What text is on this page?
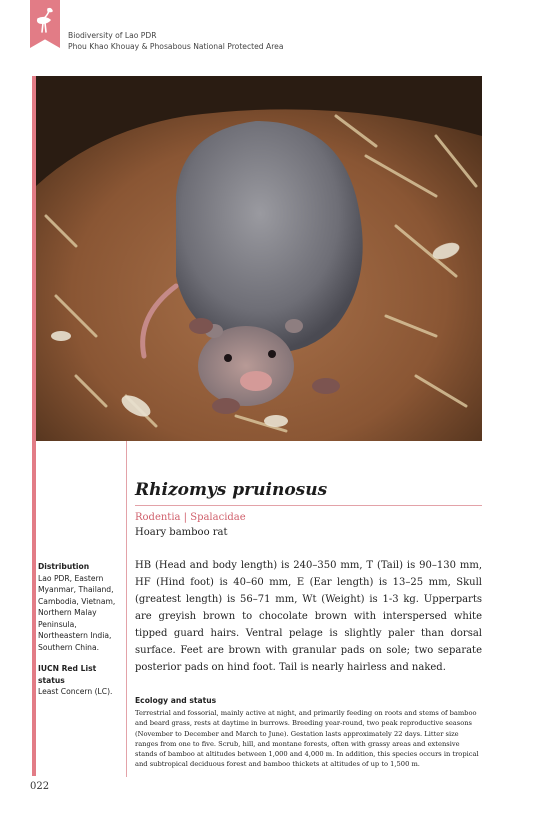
Biodiversity of Lao PDR
Phou Khao Khouay & Phosabous National Protected Area
Rhizomys pruinosus
Rodentia | Spalacidae
Hoary bamboo rat
Distribution
Lao PDR, Eastern Myanmar, Thailand, Cambodia, Vietnam, Northern Malay Peninsula, Northeastern India, Southern China.
IUCN Red List status
Least Concern (LC).
HB (Head and body length) is 240–350 mm, T (Tail) is 90–130 mm, HF (Hind foot) is 40–60 mm, E (Ear length) is 13–25 mm, Skull (greatest length) is 56–71 mm, Wt (Weight) is 1-3 kg. Upperparts are greyish brown to chocolate brown with interspersed white tipped guard hairs. Ventral pelage is slightly paler than dorsal surface. Feet are brown with granular pads on sole; two separate posterior pads on hind foot. Tail is nearly hairless and naked.
Ecology and status
Terrestrial and fossorial, mainly active at night, and primarily feeding on roots and stems of bamboo and beard grass, rests at daytime in burrows. Breeding year-round, two peak reproductive seasons (November to December and March to June). Gestation lasts approximately 22 days. Litter size ranges from one to five. Scrub, hill, and montane forests, often with grassy areas and extensive stands of bamboo at altitudes between 1,000 and 4,000 m. In addition, this species occurs in tropical and subtropical deciduous forest and bamboo thickets at altitudes of up to 1,500 m.
022
